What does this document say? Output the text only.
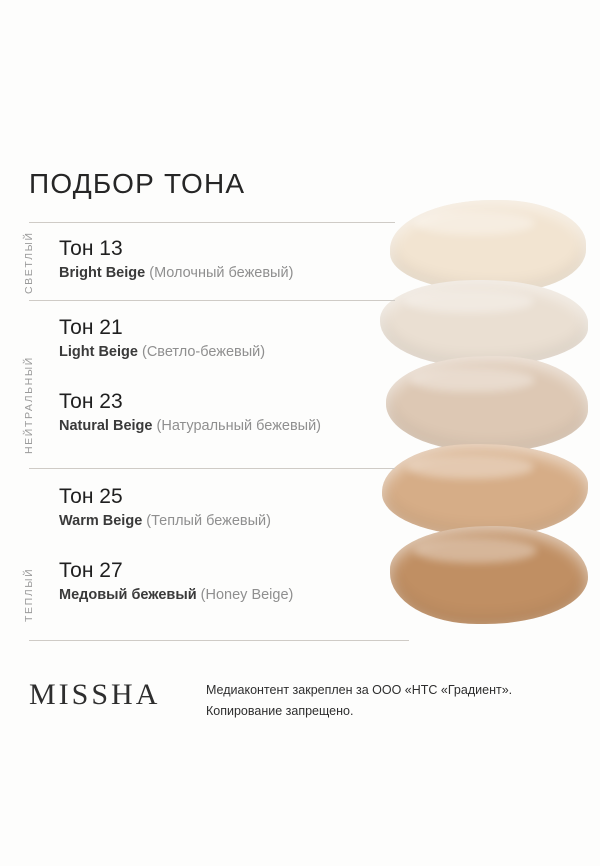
ПОДБОР ТОНА
СВЕТЛЫЙ
НЕЙТРАЛЬНЫЙ
ТЕПЛЫЙ
Тон 13
Bright Beige (Молочный бежевый)
Тон 21
Light Beige (Светло-бежевый)
Тон 23
Natural Beige (Натуральный бежевый)
Тон 25
Warm Beige (Теплый бежевый)
Тон 27
Медовый бежевый (Honey Beige)
MISSHA	Медиаконтент закреплен за ООО «НТС «Градиент».
Копирование запрещено.
